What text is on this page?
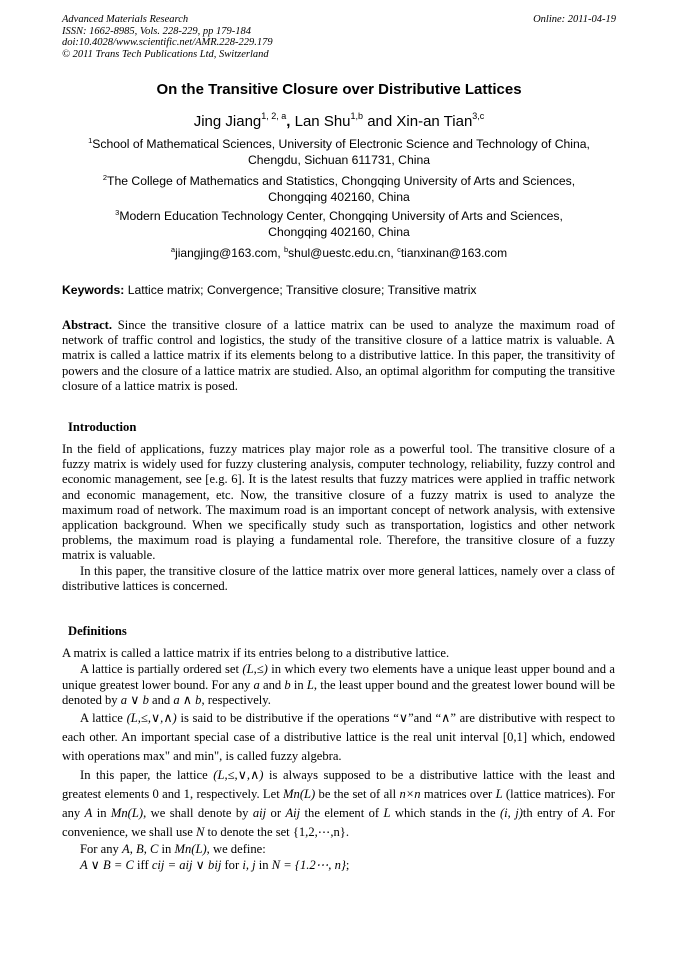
Advanced Materials Research
ISSN: 1662-8985, Vols. 228-229, pp 179-184
doi:10.4028/www.scientific.net/AMR.228-229.179
© 2011 Trans Tech Publications Ltd, Switzerland
Online: 2011-04-19
On the Transitive Closure over Distributive Lattices
Jing Jiang$^{1, 2, a}$, Lan Shu$^{1,b}$ and Xin-an Tian$^{3,c}$
$^1$School of Mathematical Sciences, University of Electronic Science and Technology of China,
Chengdu, Sichuan 611731, China
$^2$The College of Mathematics and Statistics, Chongqing University of Arts and Sciences,
Chongqing 402160, China
$^3$Modern Education Technology Center, Chongqing University of Arts and Sciences,
Chongqing 402160, China
$^a$jiangjing@163.com, $^b$shul@uestc.edu.cn, $^c$tianxinan@163.com
Keywords: Lattice matrix; Convergence; Transitive closure; Transitive matrix

Abstract. Since the transitive closure of a lattice matrix can be used to analyze the maximum road of network of traffic control and logistics, the study of the transitive closure of a lattice matrix is valuable. A matrix is called a lattice matrix if its elements belong to a distributive lattice. In this paper, the transitivity of powers and the closure of a lattice matrix are studied. Also, an optimal algorithm for computing the transitive closure of a lattice matrix is posed.

Introduction

In the field of applications, fuzzy matrices play major role as a powerful tool. The transitive closure of a fuzzy matrix is widely used for fuzzy clustering analysis, computer technology, reliability, fuzzy control and economic management, see [e.g. 6]. It is the latest results that fuzzy matrices were applied in traffic network and economic management, etc. Now, the transitive closure of a fuzzy matrix is used to analyze the maximum road of network. The maximum road is an important concept of network analysis, with extensive application background. When we specifically study such as transportation, logistics and other network problems, the maximum road is playing a fundamental role. Therefore, the transitive closure of a fuzzy matrix is valuable.

In this paper, the transitive closure of the lattice matrix over more general lattices, namely over a class of distributive lattices is concerned.

Definitions

A matrix is called a lattice matrix if its entries belong to a distributive lattice.

A lattice is partially ordered set (L,≤) in which every two elements have a unique least upper bound and a unique greatest lower bound. For any a and b in L, the least upper bound and the greatest lower bound will be denoted by a ∨ b and a ∧ b, respectively.

A lattice (L,≤,∨,∧) is said to be distributive if the operations “∨”and “∧” are distributive with respect to each other. An important special case of a distributive lattice is the real unit interval [0,1] which, endowed with operations max" and min", is called fuzzy algebra.

In this paper, the lattice (L,≤,∨,∧) is always supposed to be a distributive lattice with the least and greatest elements 0 and 1, respectively. Let Mn(L) be the set of all n×n matrices over L (lattice matrices). For any A in Mn(L), we shall denote by aij or Aij the element of L which stands in the (i, j)th entry of A. For convenience, we shall use N to denote the set {1,2,⋯,n}.

For any A, B, C in Mn(L), we define:

A ∨ B = C iff cij = aij ∨ bij for i, j in N = {1.2⋯, n};
